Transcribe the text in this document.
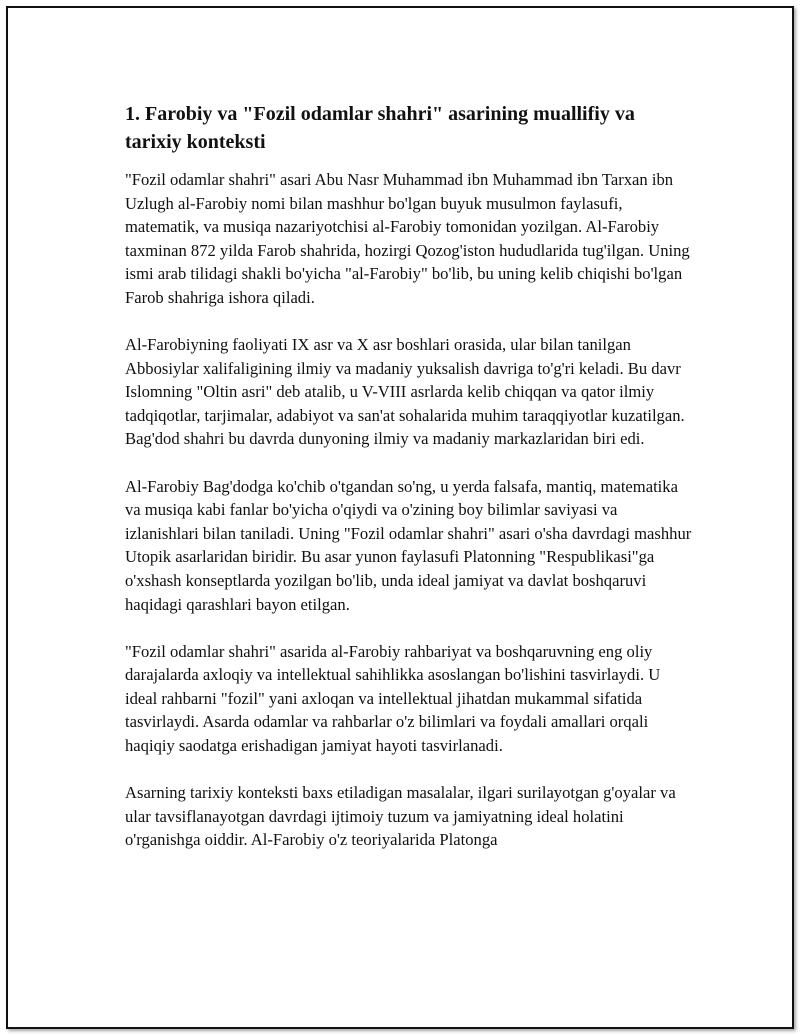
1. Farobiy va "Fozil odamlar shahri" asarining muallifiy va tarixiy konteksti

"Fozil odamlar shahri" asari Abu Nasr Muhammad ibn Muhammad ibn Tarxan ibn Uzlugh al-Farobiy nomi bilan mashhur bo'lgan buyuk musulmon faylasufi, matematik, va musiqa nazariyotchisi al-Farobiy tomonidan yozilgan. Al-Farobiy taxminan 872 yilda Farob shahrida, hozirgi Qozog'iston hududlarida tug'ilgan. Uning ismi arab tilidagi shakli bo'yicha "al-Farobiy" bo'lib, bu uning kelib chiqishi bo'lgan Farob shahriga ishora qiladi.

Al-Farobiyning faoliyati IX asr va X asr boshlari orasida, ular bilan tanilgan Abbosiylar xalifaligining ilmiy va madaniy yuksalish davriga to'g'ri keladi. Bu davr Islomning "Oltin asri" deb atalib, u V-VIII asrlarda kelib chiqqan va qator ilmiy tadqiqotlar, tarjimalar, adabiyot va san'at sohalarida muhim taraqqiyotlar kuzatilgan. Bag'dod shahri bu davrda dunyoning ilmiy va madaniy markazlaridan biri edi.

Al-Farobiy Bag'dodga ko'chib o'tgandan so'ng, u yerda falsafa, mantiq, matematika va musiqa kabi fanlar bo'yicha o'qiydi va o'zining boy bilimlar saviyasi va izlanishlari bilan taniladi. Uning "Fozil odamlar shahri" asari o'sha davrdagi mashhur Utopik asarlaridan biridir. Bu asar yunon faylasufi Platonning "Respublikasi"ga o'xshash konseptlarda yozilgan bo'lib, unda ideal jamiyat va davlat boshqaruvi haqidagi qarashlari bayon etilgan.

"Fozil odamlar shahri" asarida al-Farobiy rahbariyat va boshqaruvning eng oliy darajalarda axloqiy va intellektual sahihlikka asoslangan bo'lishini tasvirlaydi. U ideal rahbarni "fozil" yani axloqan va intellektual jihatdan mukammal sifatida tasvirlaydi. Asarda odamlar va rahbarlar o'z bilimlari va foydali amallari orqali haqiqiy saodatga erishadigan jamiyat hayoti tasvirlanadi.

Asarning tarixiy konteksti baxs etiladigan masalalar, ilgari surilayotgan g'oyalar va ular tavsiflanayotgan davrdagi ijtimoiy tuzum va jamiyatning ideal holatini o'rganishga oiddir. Al-Farobiy o'z teoriyalarida Platonga
